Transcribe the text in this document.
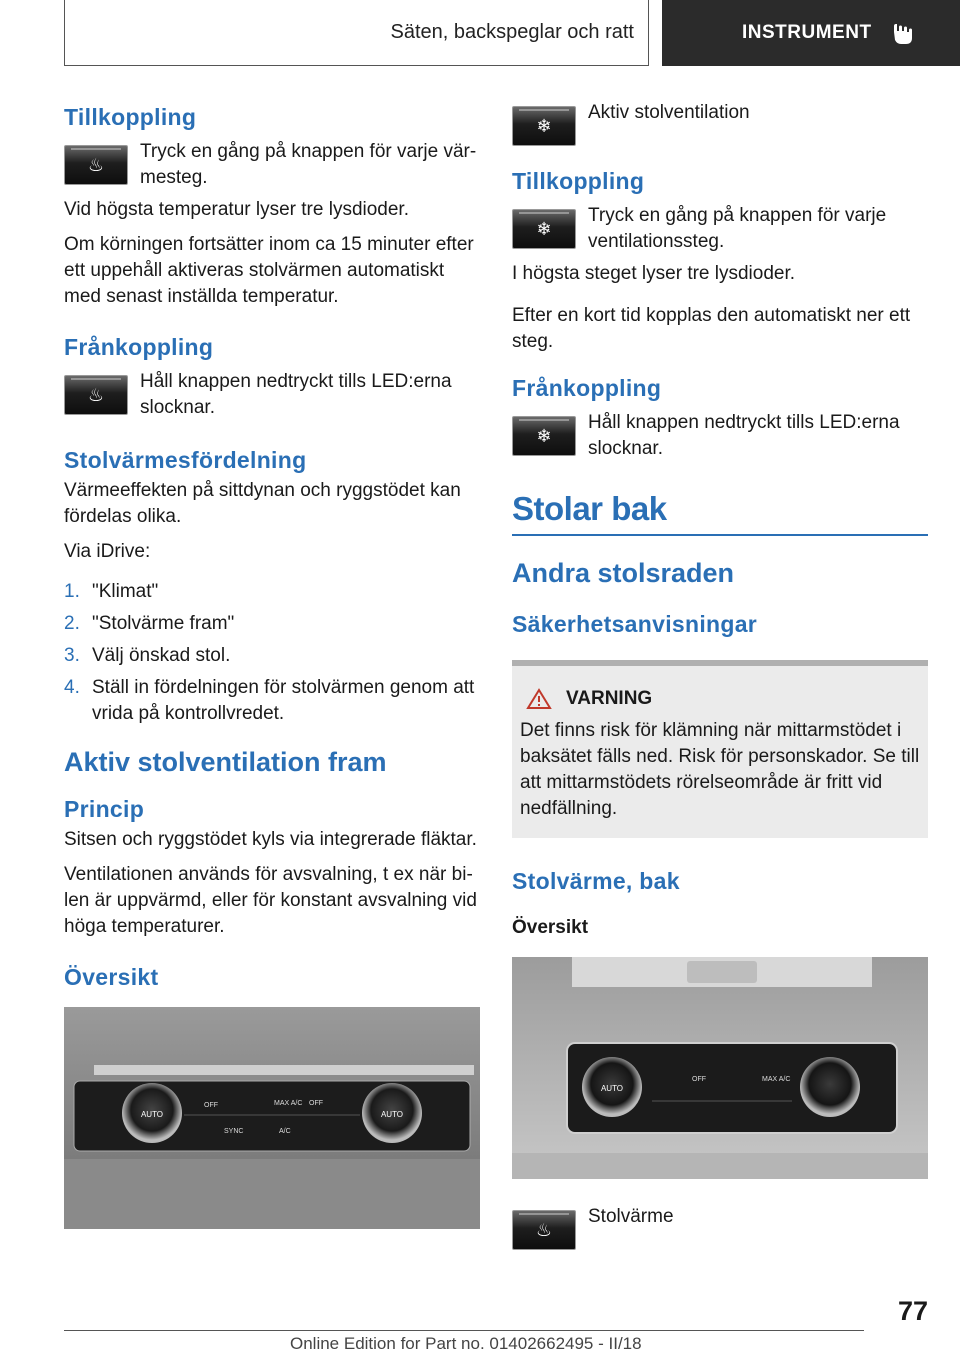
Säten, backspeglar och ratt	INSTRUMENT
Tillkoppling
♨

Tryck en gång på knappen för varje värmesteg.

Vid högsta temperatur lyser tre lysdioder.

Om körningen fortsätter inom ca 15 minuter efter ett uppehåll aktiveras stolvärmen automatiskt med senast inställda temperatur.

Frånkoppling
♨

Håll knappen nedtryckt tills LED:erna slocknar.

Stolvärmesfördelning

Värmeeffekten på sittdynan och ryggstödet kan fördelas olika.

Via iDrive:

1. "Klimat"
2. "Stolvärme fram"
3. Välj önskad stol.
4. Ställ in fördelningen för stolvärmen genom att vrida på kontrollvredet.
Aktiv stolventilation fram
Princip

Sitsen och ryggstödet kyls via integrerade fläktar.

Ventilationen används för avsvalning, t ex när bilen är uppvärmd, eller för konstant avsvalning vid höga temperaturer.

Översikt
AUTO	AUTO
OFF	MAX A/C OFF
SYNC	A/C
❄

Aktiv stolventilation

Tillkoppling
❄

Tryck en gång på knappen för varje ventilationssteg.

I högsta steget lyser tre lysdioder.

Efter en kort tid kopplas den automatiskt ner ett steg.

Frånkoppling
❄

Håll knappen nedtryckt tills LED:erna slocknar.

Stolar bak
Andra stolsraden
Säkerhetsanvisningar
VARNING

Det finns risk för klämning när mittarmstödet i baksätet fälls ned. Risk för personskador. Se till att mittarmstödets rörelseområde är fritt vid nedfällning.

Stolvärme, bak

Översikt

AUTO
OFF	MAX A/C
♨

Stolvärme

77
Online Edition for Part no. 01402662495 - II/18
